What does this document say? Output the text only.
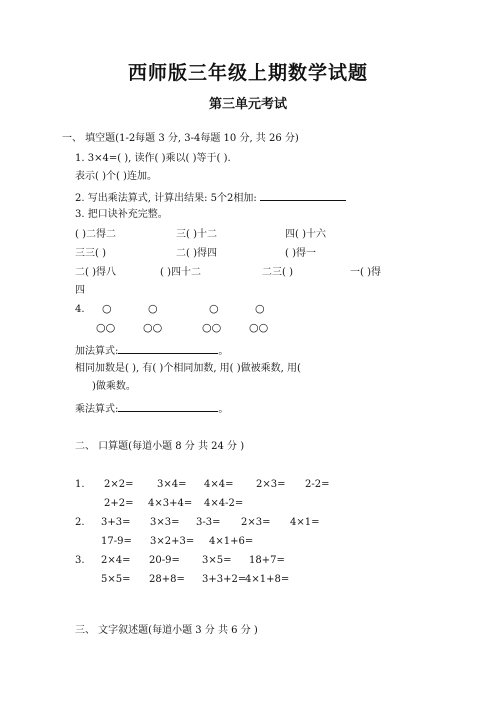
西师版三年级上期数学试题
第三单元考试
一、 填空题(1-2每题 3 分, 3-4每题 10 分, 共 26 分)
1. 3×4=( ), 读作( )乘以( )等于( ).
表示( )个( )连加。
2. 写出乘法算式, 计算出结果: 5个2相加:
3. 把口诀补充完整。
( )二得二	三( )十二	四( )十六
三三( )	二( )得四	( )得一
二( )得八	( )四十二	二三( )	一( )得
四
4. ○	○	○	○
○○	○○	○○	○○
加法算式:	。
相同加数是( ), 有( )个相同加数, 用( )做被乘数, 用(
)做乘数。
乘法算式:	。
二、 口算题(每道小题 8 分 共 24 分 )
1. 2×2= 3×4= 4×4= 2×3= 2-2=
2+2= 4×3+4= 4×4-2=
2. 3+3= 3×3= 3-3= 2×3= 4×1=
17-9= 3×2+3= 4×1+6=
3. 2×4= 20-9= 3×5= 18+7=
5×5= 28+8= 3+3+2=
4×1+8=
三、 文字叙述题(每道小题 3 分 共 6 分 )
